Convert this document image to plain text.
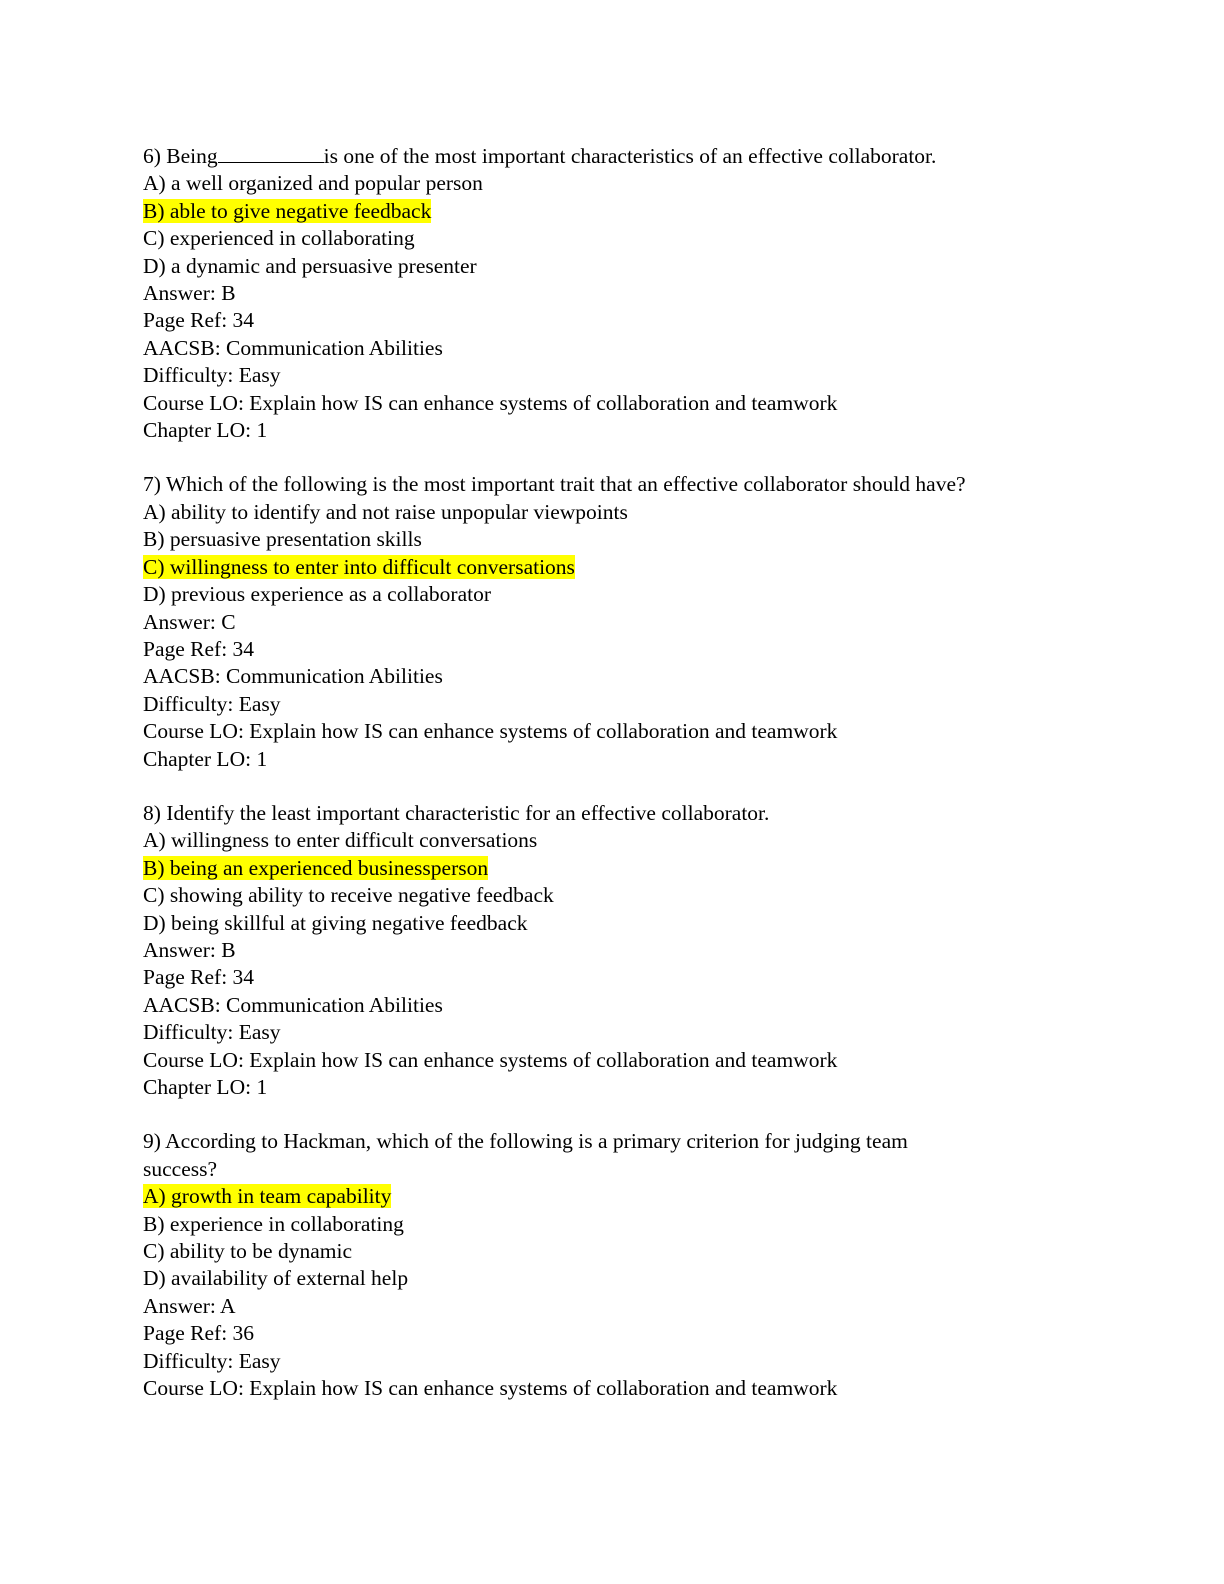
6) Being	is one of the most important characteristics of an effective collaborator.
A) a well organized and popular person
B) able to give negative feedback
C) experienced in collaborating
D) a dynamic and persuasive presenter
Answer: B
Page Ref: 34
AACSB: Communication Abilities
Difficulty: Easy
Course LO: Explain how IS can enhance systems of collaboration and teamwork
Chapter LO: 1
7) Which of the following is the most important trait that an effective collaborator should have?
A) ability to identify and not raise unpopular viewpoints
B) persuasive presentation skills
C) willingness to enter into difficult conversations
D) previous experience as a collaborator
Answer: C
Page Ref: 34
AACSB: Communication Abilities
Difficulty: Easy
Course LO: Explain how IS can enhance systems of collaboration and teamwork
Chapter LO: 1
8) Identify the least important characteristic for an effective collaborator.
A) willingness to enter difficult conversations
B) being an experienced businessperson
C) showing ability to receive negative feedback
D) being skillful at giving negative feedback
Answer: B
Page Ref: 34
AACSB: Communication Abilities
Difficulty: Easy
Course LO: Explain how IS can enhance systems of collaboration and teamwork
Chapter LO: 1
9) According to Hackman, which of the following is a primary criterion for judging team
success?
A) growth in team capability
B) experience in collaborating
C) ability to be dynamic
D) availability of external help
Answer: A
Page Ref: 36
Difficulty: Easy
Course LO: Explain how IS can enhance systems of collaboration and teamwork
